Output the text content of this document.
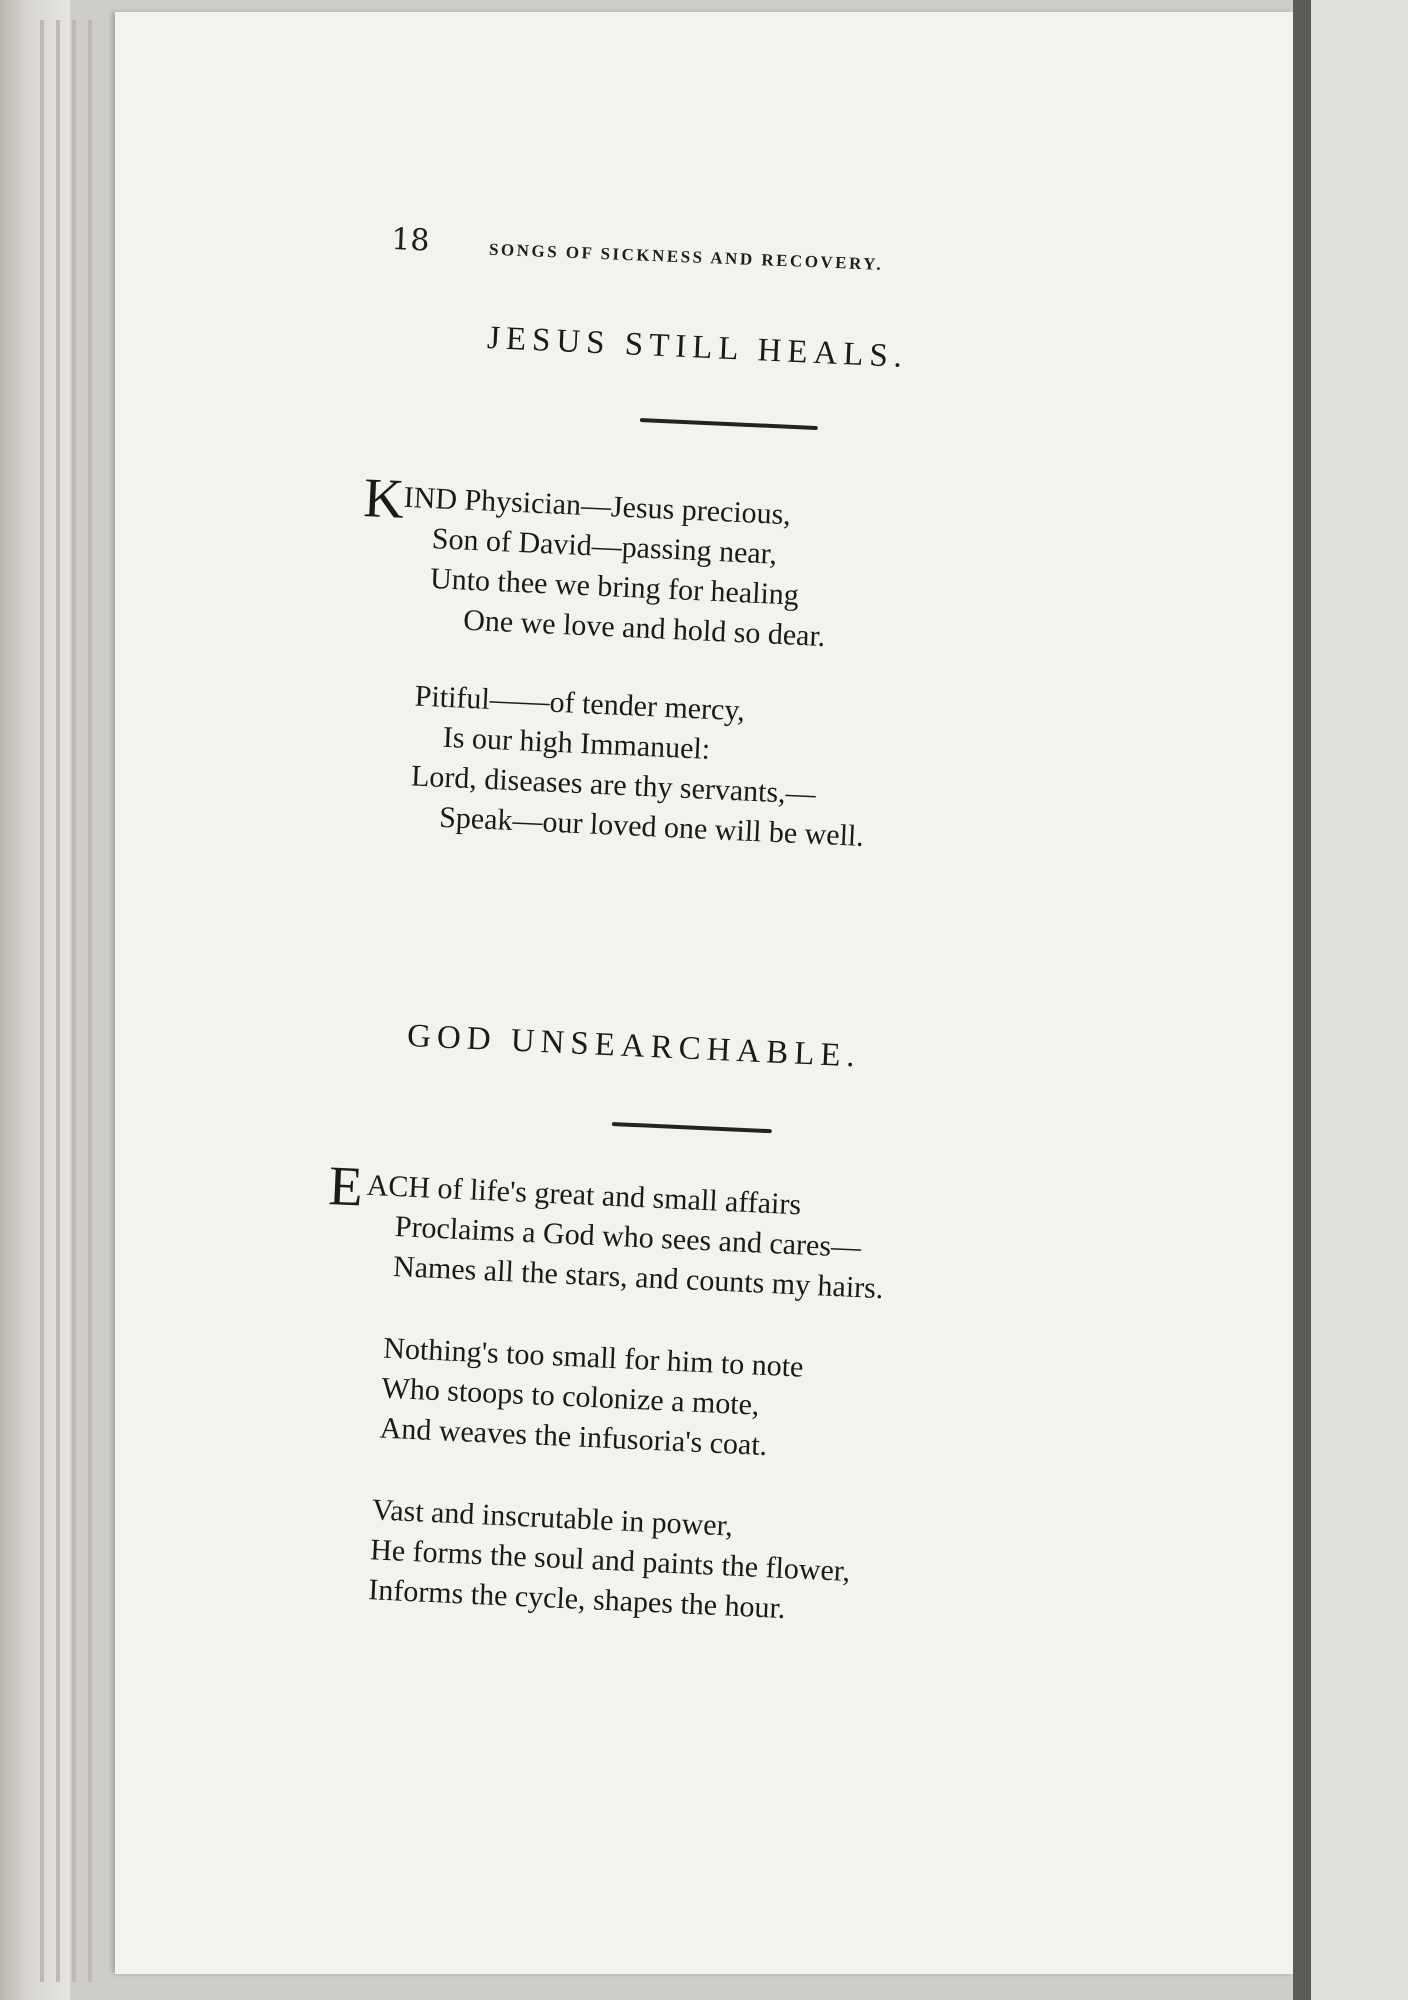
18	SONGS OF SICKNESS AND RECOVERY.
JESUS STILL HEALS.
K
IND Physician—Jesus precious,
Son of David—passing near,
Unto thee we bring for healing
One we love and hold so dear.
Pitiful——of tender mercy,
Is our high Immanuel:
Lord, diseases are thy servants,—
Speak—our loved one will be well.
GOD UNSEARCHABLE.
E ACH of life's great and small affairs
Proclaims a God who sees and cares—
Names all the stars, and counts my hairs.
Nothing's too small for him to note
Who stoops to colonize a mote,
And weaves the infusoria's coat.
Vast and inscrutable in power,
He forms the soul and paints the flower,
Informs the cycle, shapes the hour.
